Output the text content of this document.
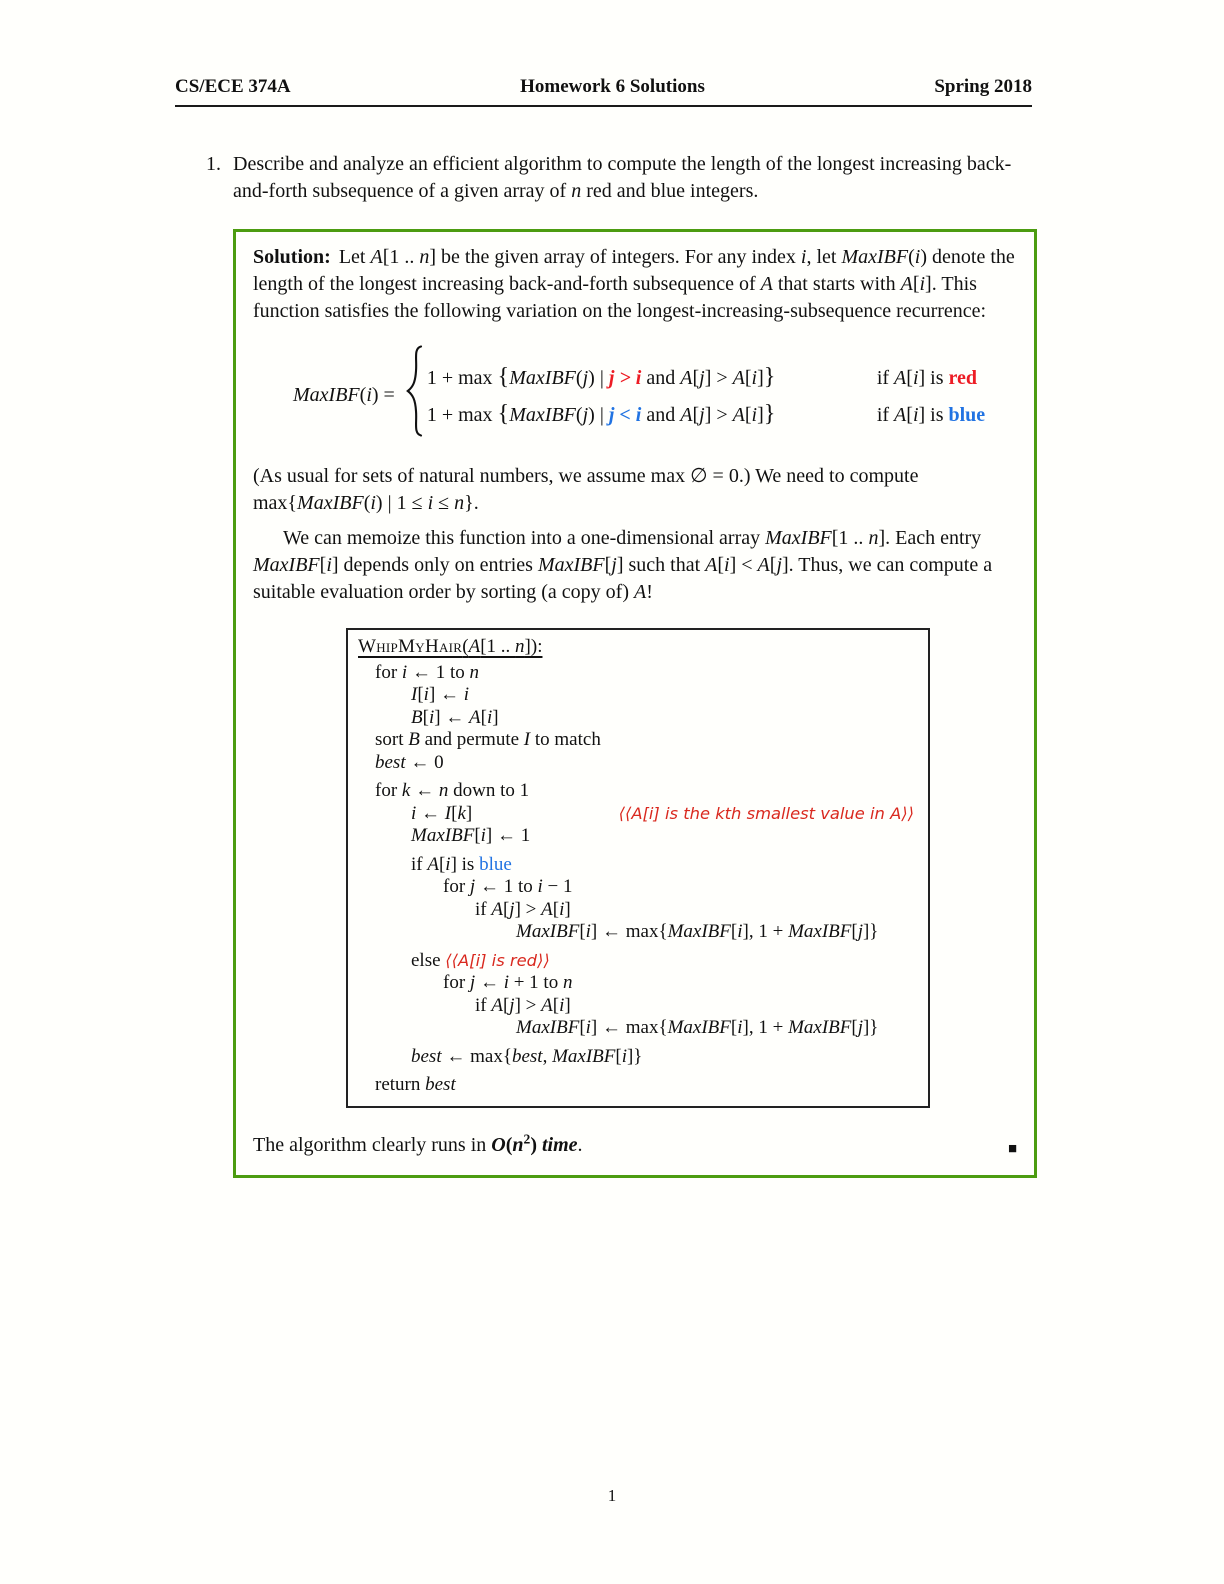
CS/ECE 374A	Homework 6 Solutions	Spring 2018
1. Describe and analyze an efficient algorithm to compute the length of the longest increasing back-and-forth subsequence of a given array of n red and blue integers.

Solution: Let A[1 .. n] be the given array of integers. For any index i, let MaxIBF(i) denote the length of the longest increasing back-and-forth subsequence of A that starts with A[i]. This function satisfies the following variation on the longest-increasing-subsequence recurrence:

MaxIBF(i) =
1 + max {MaxIBF(j) | j > i and A[j] > A[i]}	if A[i] is red
1 + max {MaxIBF(j) | j < i and A[j] > A[i]}	if A[i] is blue

(As usual for sets of natural numbers, we assume max ∅ = 0.) We need to compute max{MaxIBF(i) | 1 ≤ i ≤ n}.

We can memoize this function into a one-dimensional array MaxIBF[1 .. n]. Each entry MaxIBF[i] depends only on entries MaxIBF[j] such that A[i] < A[j]. Thus, we can compute a suitable evaluation order by sorting (a copy of) A!

WhipMyHair(A[1 .. n]):
for i ← 1 to n
I[i] ← i
B[i] ← A[i]
sort B and permute I to match
best ← 0
for k ← n down to 1
i ← I[k]	⟨⟨A[i] is the kth smallest value in A⟩⟩
MaxIBF[i] ← 1
if A[i] is blue
for j ← 1 to i − 1
if A[j] > A[i]
MaxIBF[i] ← max{MaxIBF[i], 1 + MaxIBF[j]}
else ⟨⟨A[i] is red⟩⟩
for j ← i + 1 to n
if A[j] > A[i]
MaxIBF[i] ← max{MaxIBF[i], 1 + MaxIBF[j]}
best ← max{best, MaxIBF[i]}
return best
The algorithm clearly runs in $O(n^2)$ time.	■
1
